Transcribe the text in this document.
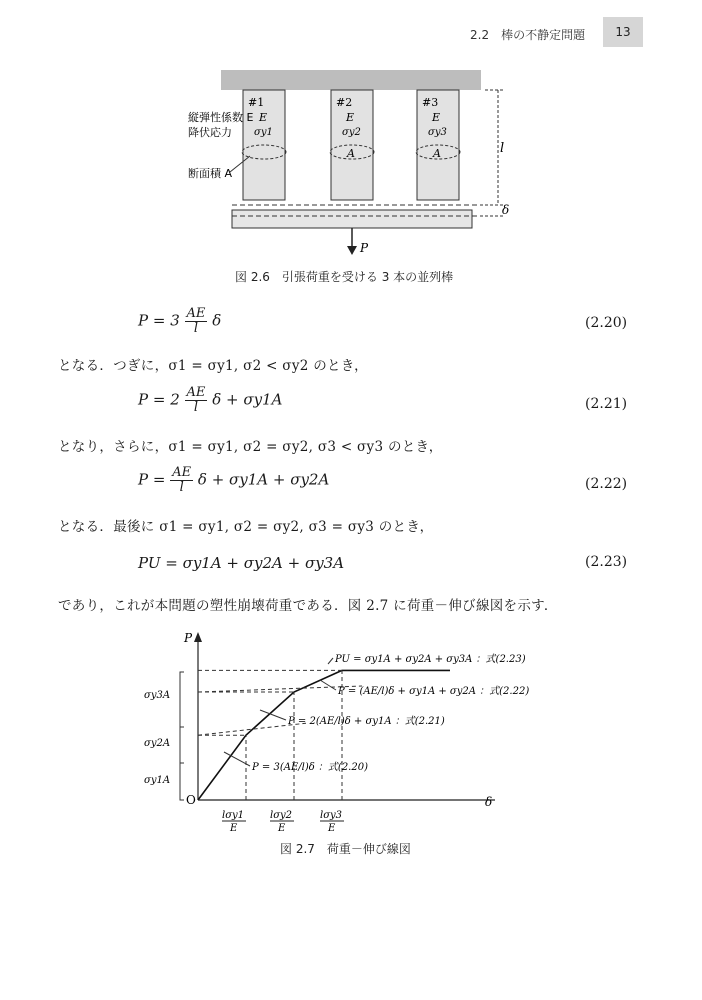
2.2　棒の不静定問題	13
l
δ
P
#1	#2	#3
E	E	E
σy1	σy2	σy3
A	A
縦弾性係数 E
降伏応力
断面積 A
図 2.6　引張荷重を受ける 3 本の並列棒
$P = 3 \frac{AE}{l}$ δ	(2.20)
となる．つぎに，σ1 = σy1, σ2 < σy2 のとき，
$P = 2 \frac{AE}{l}$ δ + σy1A	(2.21)
となり，さらに，σ1 = σy1, σ2 = σy2, σ3 < σy3 のとき，
$P = \frac{AE}{l}$ δ + σy1A + σy2A	(2.22)
となる．最後に σ1 = σy1, σ2 = σy2, σ3 = σy3 のとき，
PU = σy1A + σy2A + σy3A	(2.23)
であり，これが本問題の塑性崩壊荷重である．図 2.7 に荷重－伸び線図を示す．
P
δ
O
σy3A
σy2A
σy1A
lσy1
E
lσy2
E
lσy3
E
PU = σy1A + σy2A + σy3A ：式(2.23)
P = (AE/l)δ + σy1A + σy2A ：式(2.22)
P = 2(AE/l)δ + σy1A ：式(2.21)
P = 3(AE/l)δ ：式(2.20)
図 2.7　荷重－伸び線図
